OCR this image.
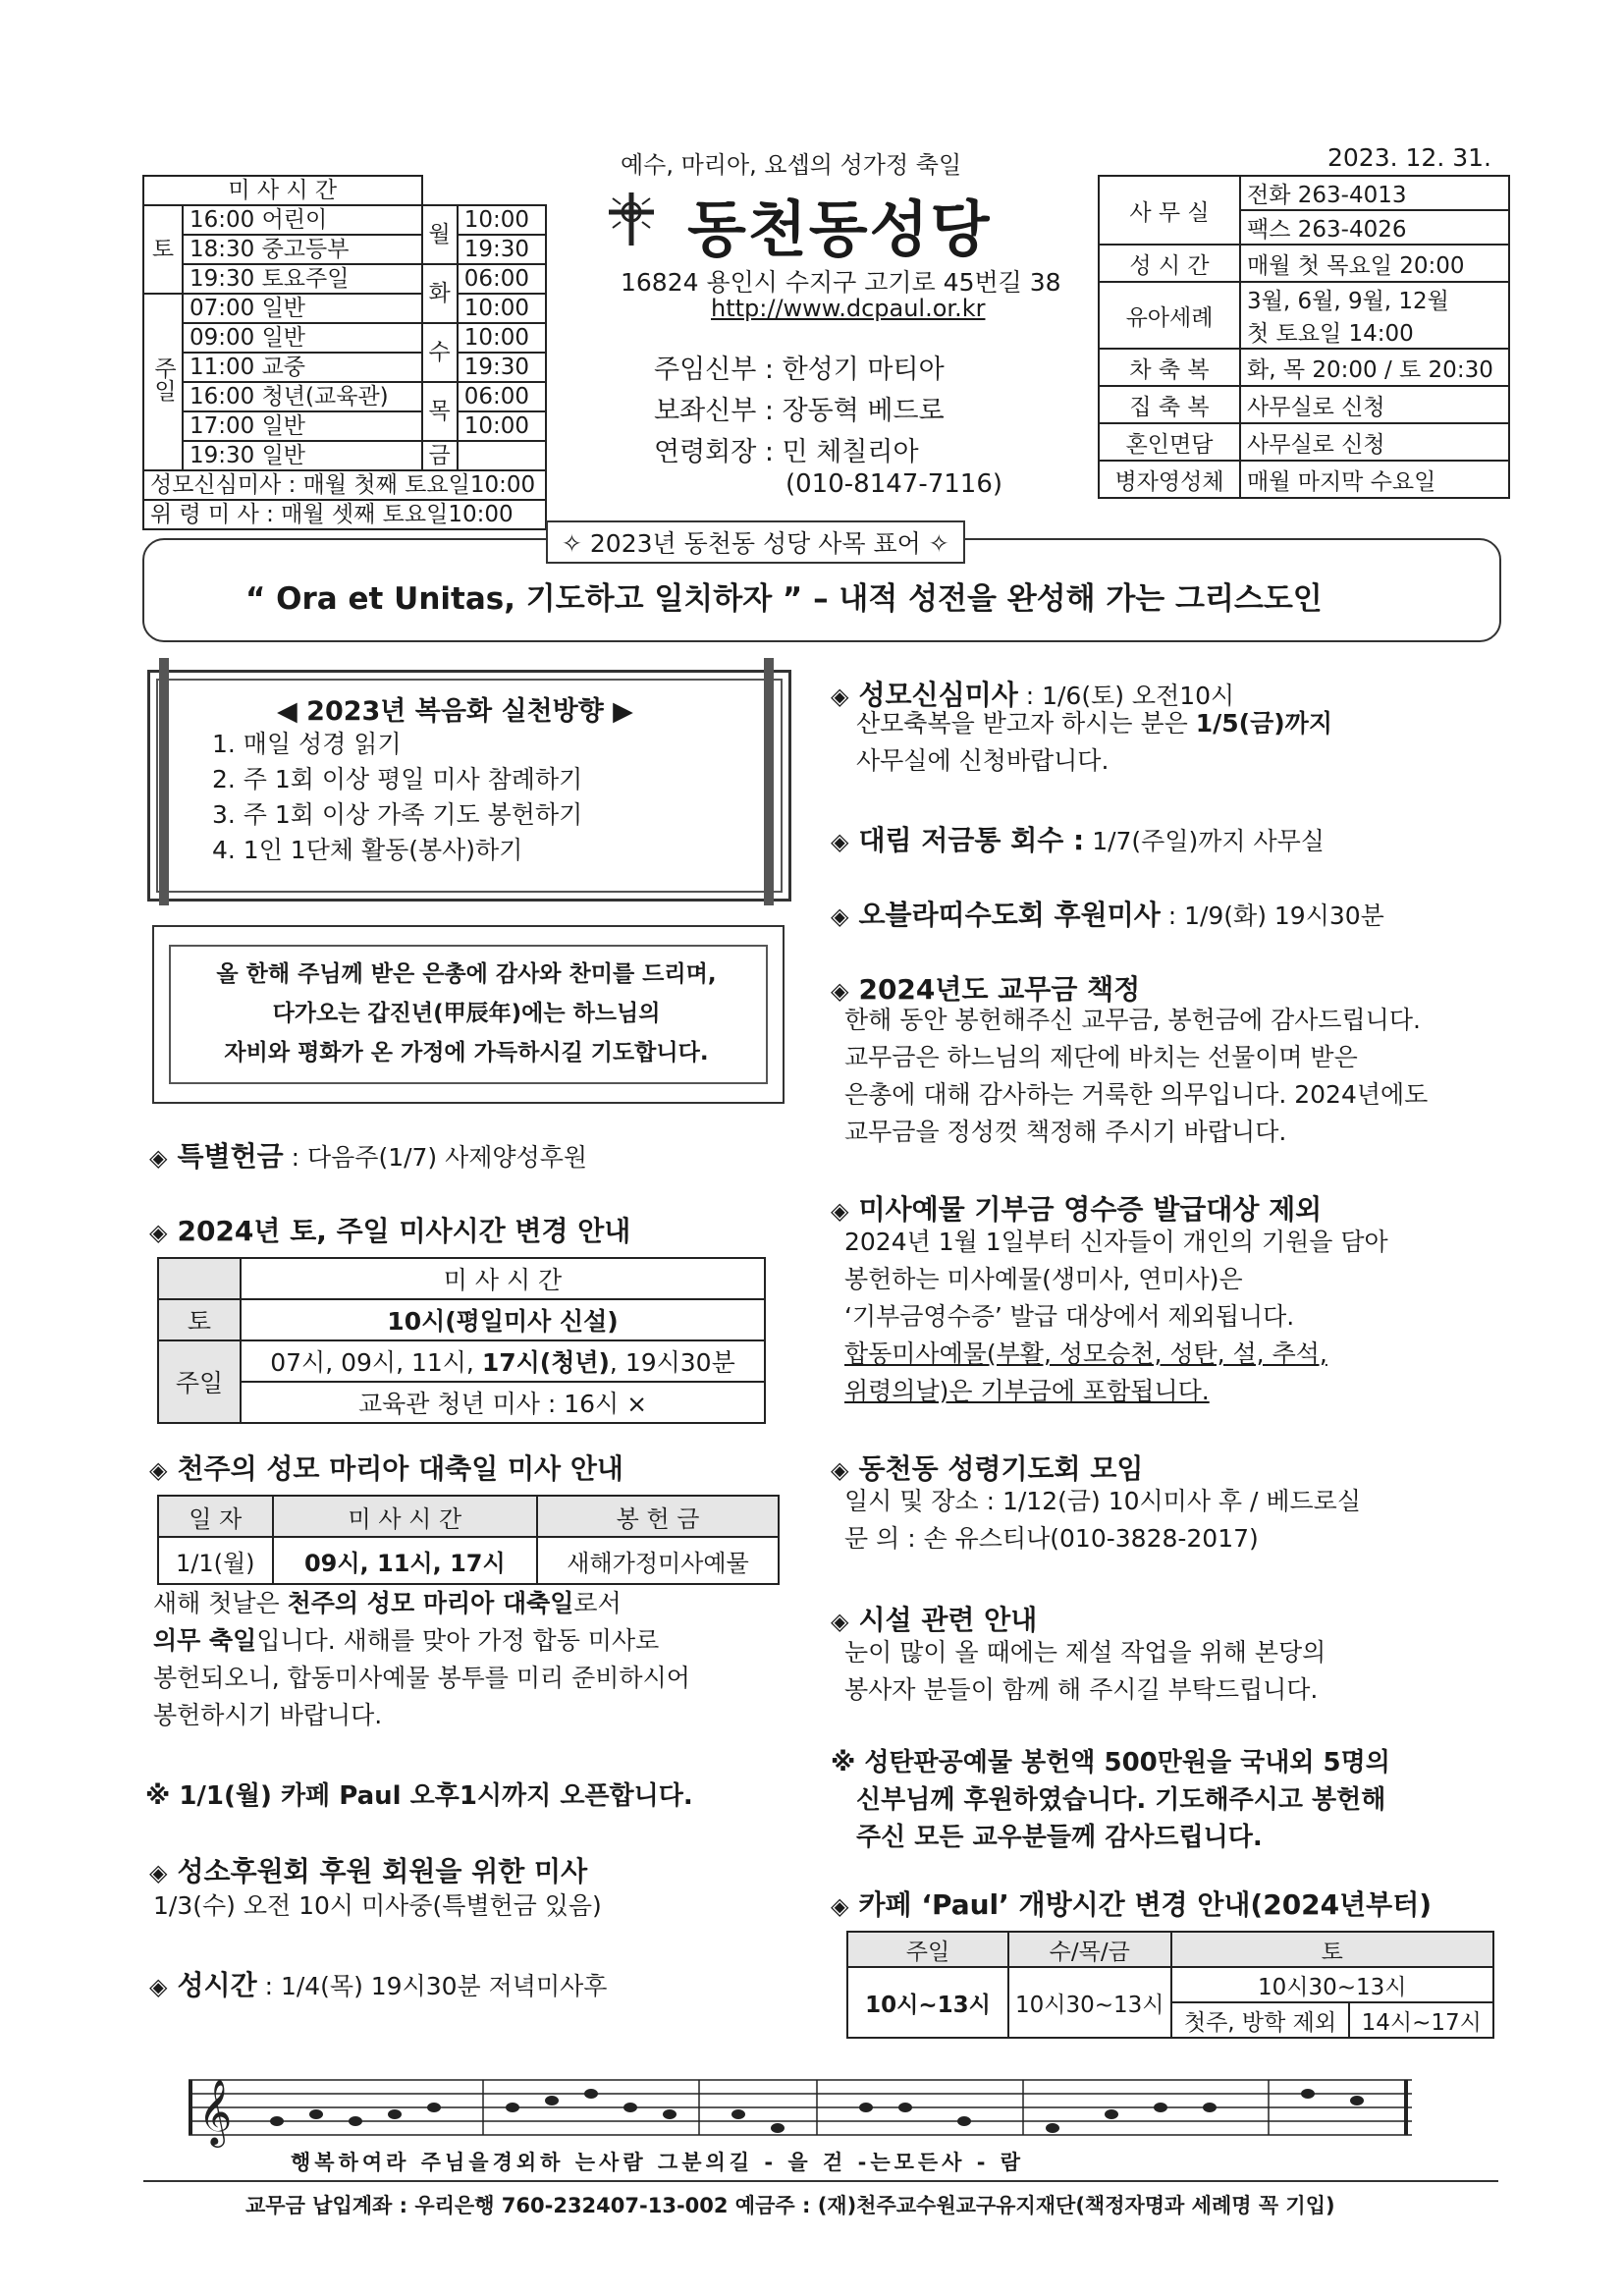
예수, 마리아, 요셉의 성가정 축일	2023. 12. 31.
미 사 시 간			
토	16:00 어린이	월	10:00
	18:30 중고등부		19:30
	19:30 토요주일	화	06:00
주일	07:00 일반		10:00
	09:00 일반	수	10:00
	11:00 교중		19:30
	16:00 청년(교육관)	목	06:00
	17:00 일반		10:00
	19:30 일반	금	
성모신심미사 : 매월 첫째 토요일10:00			
위 령 미 사 : 매월 셋째 토요일10:00			
동천동성당
16824 용인시 수지구 고기로 45번길 38
http://www.dcpaul.or.kr
주임신부 : 한성기 마티아
보좌신부 : 장동혁 베드로
연령회장 : 민 체칠리아
(010-8147-7116)
사 무 실	전화 263-4013
	팩스 263-4026
성 시 간	매월 첫 목요일 20:00
유아세례	3월, 6월, 9월, 12월
	첫 토요일 14:00
차 축 복	화, 목 20:00 / 토 20:30
집 축 복	사무실로 신청
혼인면담	사무실로 신청
병자영성체	매월 마지막 수요일
✧ 2023년 동천동 성당 사목 표어 ✧
“ Ora et Unitas, 기도하고 일치하자 ” – 내적 성전을 완성해 가는 그리스도인
◀ 2023년 복음화 실천방향 ▶
1. 매일 성경 읽기
2. 주 1회 이상 평일 미사 참례하기
3. 주 1회 이상 가족 기도 봉헌하기
4. 1인 1단체 활동(봉사)하기
올 한해 주님께 받은 은총에 감사와 찬미를 드리며,
다가오는 갑진년(甲辰年)에는 하느님의
자비와 평화가 온 가정에 가득하시길 기도합니다.
◈ 특별헌금 : 다음주(1/7) 사제양성후원
◈ 2024년 토, 주일 미사시간 변경 안내
	미 사 시 간
토	10시(평일미사 신설)
주일	07시, 09시, 11시, 17시(청년), 19시30분
	교육관 청년 미사 : 16시 ×
◈ 천주의 성모 마리아 대축일 미사 안내
일 자	미 사 시 간	봉 헌 금
1/1(월)	09시, 11시, 17시	새해가정미사예물
새해 첫날은 천주의 성모 마리아 대축일로서
의무 축일입니다. 새해를 맞아 가정 합동 미사로
봉헌되오니, 합동미사예물 봉투를 미리 준비하시어
봉헌하시기 바랍니다.
※ 1/1(월) 카페 Paul 오후1시까지 오픈합니다.
◈ 성소후원회 후원 회원을 위한 미사
1/3(수) 오전 10시 미사중(특별헌금 있음)
◈ 성시간 : 1/4(목) 19시30분 저녁미사후
◈ 성모신심미사 : 1/6(토) 오전10시
산모축복을 받고자 하시는 분은 1/5(금)까지
사무실에 신청바랍니다.
◈ 대림 저금통 회수 : 1/7(주일)까지 사무실
◈ 오블라띠수도회 후원미사 : 1/9(화) 19시30분
◈ 2024년도 교무금 책정
한해 동안 봉헌해주신 교무금, 봉헌금에 감사드립니다.
교무금은 하느님의 제단에 바치는 선물이며 받은
은총에 대해 감사하는 거룩한 의무입니다. 2024년에도
교무금을 정성껏 책정해 주시기 바랍니다.
◈ 미사예물 기부금 영수증 발급대상 제외
2024년 1월 1일부터 신자들이 개인의 기원을 담아
봉헌하는 미사예물(생미사, 연미사)은
‘기부금영수증’ 발급 대상에서 제외됩니다.
합동미사예물(부활, 성모승천, 성탄, 설, 추석,
위령의날)은 기부금에 포함됩니다.
◈ 동천동 성령기도회 모임
일시 및 장소 : 1/12(금) 10시미사 후 / 베드로실
문 의 : 손 유스티나(010-3828-2017)
◈ 시설 관련 안내
눈이 많이 올 때에는 제설 작업을 위해 본당의
봉사자 분들이 함께 해 주시길 부탁드립니다.
※ 성탄판공예물 봉헌액 500만원을 국내외 5명의
신부님께 후원하였습니다. 기도해주시고 봉헌해
주신 모든 교우분들께 감사드립니다.
◈ 카페 ‘Paul’ 개방시간 변경 안내(2024년부터)
주일	수/목/금	토	
10시~13시	10시30~13시	10시30~13시	
		첫주, 방학 제외	14시~17시
𝄞
행복하여라 주님을경외하 는사람 그분의길 - 을 걷 -는모든사 - 람
교무금 납입계좌 : 우리은행 760-232407-13-002 예금주 : (재)천주교수원교구유지재단(책정자명과 세례명 꼭 기입)
